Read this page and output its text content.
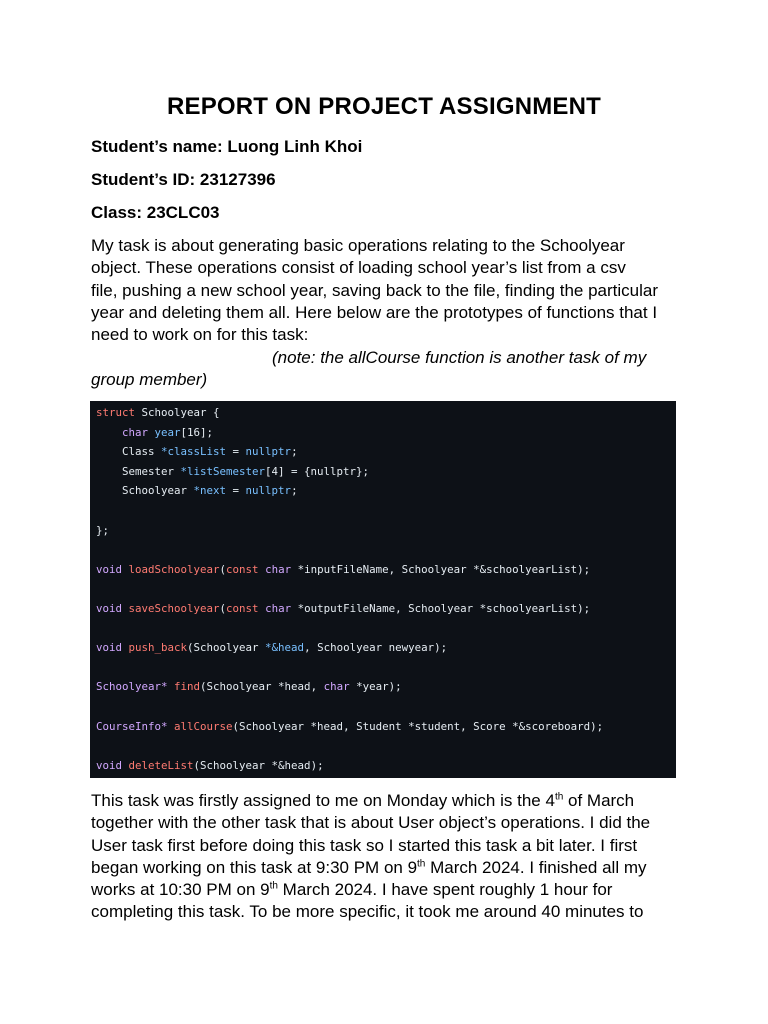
REPORT ON PROJECT ASSIGNMENT
Student’s name: Luong Linh Khoi
Student’s ID: 23127396
Class: 23CLC03
My task is about generating basic operations relating to the Schoolyear
object. These operations consist of loading school year’s list from a csv
file, pushing a new school year, saving back to the file, finding the particular
year and deleting them all. Here below are the prototypes of functions that I
need to work on for this task:
(note: the allCourse function is another task of my
group member)
struct Schoolyear {
char year[16];
Class *classList = nullptr;
Semester *listSemester[4] = {nullptr};
Schoolyear *next = nullptr;
};
void loadSchoolyear(const char *inputFileName, Schoolyear *&schoolyearList);
void saveSchoolyear(const char *outputFileName, Schoolyear *schoolyearList);
void push_back(Schoolyear *&head, Schoolyear newyear);
Schoolyear* find(Schoolyear *head, char *year);
CourseInfo* allCourse(Schoolyear *head, Student *student, Score *&scoreboard);
void deleteList(Schoolyear *&head);
This task was firstly assigned to me on Monday which is the 4th of March
together with the other task that is about User object’s operations. I did the
User task first before doing this task so I started this task a bit later. I first
began working on this task at 9:30 PM on 9th March 2024. I finished all my
works at 10:30 PM on 9th March 2024. I have spent roughly 1 hour for
completing this task. To be more specific, it took me around 40 minutes to
